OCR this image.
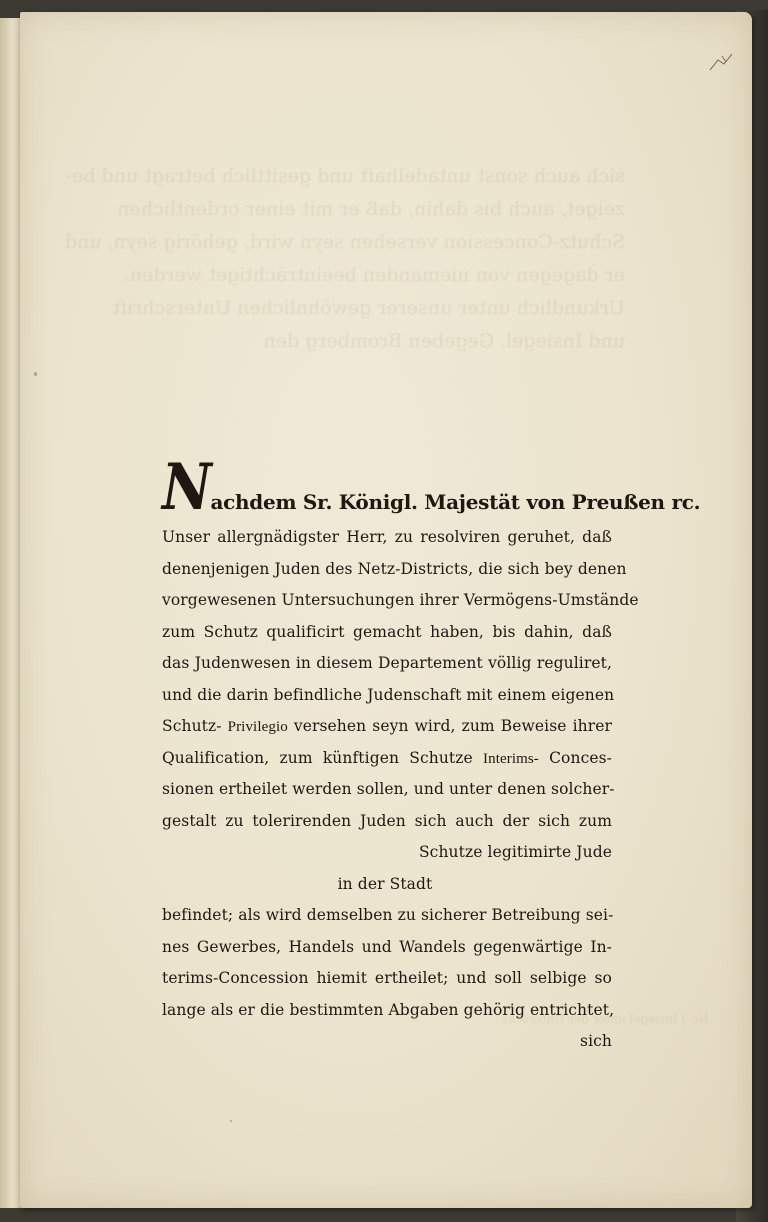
sich auch sonst untadelhaft und gesittlich betragt und be-
zeiget, auch bis dahin, daß er mit einer ordentlichen
Schutz-Concession versehen seyn wird, gehörig seyn, und
er dagegen von niemanden beeinträchtiget werden.
Urkundlich unter unserer gewöhnlichen Unterschrift
und Insiegel. Gegeben Bromberg den
Nr. ) Insiegel unter der Unterschr.
N achdem Sr. Königl. Majestät von Preußen rc.
Unser allergnädigster Herr, zu resolviren geruhet, daß
denenjenigen Juden des Netz-Districts, die sich bey denen
vorgewesenen Untersuchungen ihrer Vermögens-Umstände
zum Schutz qualificirt gemacht haben, bis dahin, daß
das Judenwesen in diesem Departement völlig reguliret,
und die darin befindliche Judenschaft mit einem eigenen
Schutz- Privilegio versehen seyn wird, zum Beweise ihrer
Qualification, zum künftigen Schutze Interims- Conces-
sionen ertheilet werden sollen, und unter denen solcher-
gestalt zu tolerirenden Juden sich auch der sich zum
Schutze legitimirte Jude
in der Stadt
befindet; als wird demselben zu sicherer Betreibung sei-
nes Gewerbes, Handels und Wandels gegenwärtige In-
terims-Concession hiemit ertheilet; und soll selbige so
lange als er die bestimmten Abgaben gehörig entrichtet,
sich
